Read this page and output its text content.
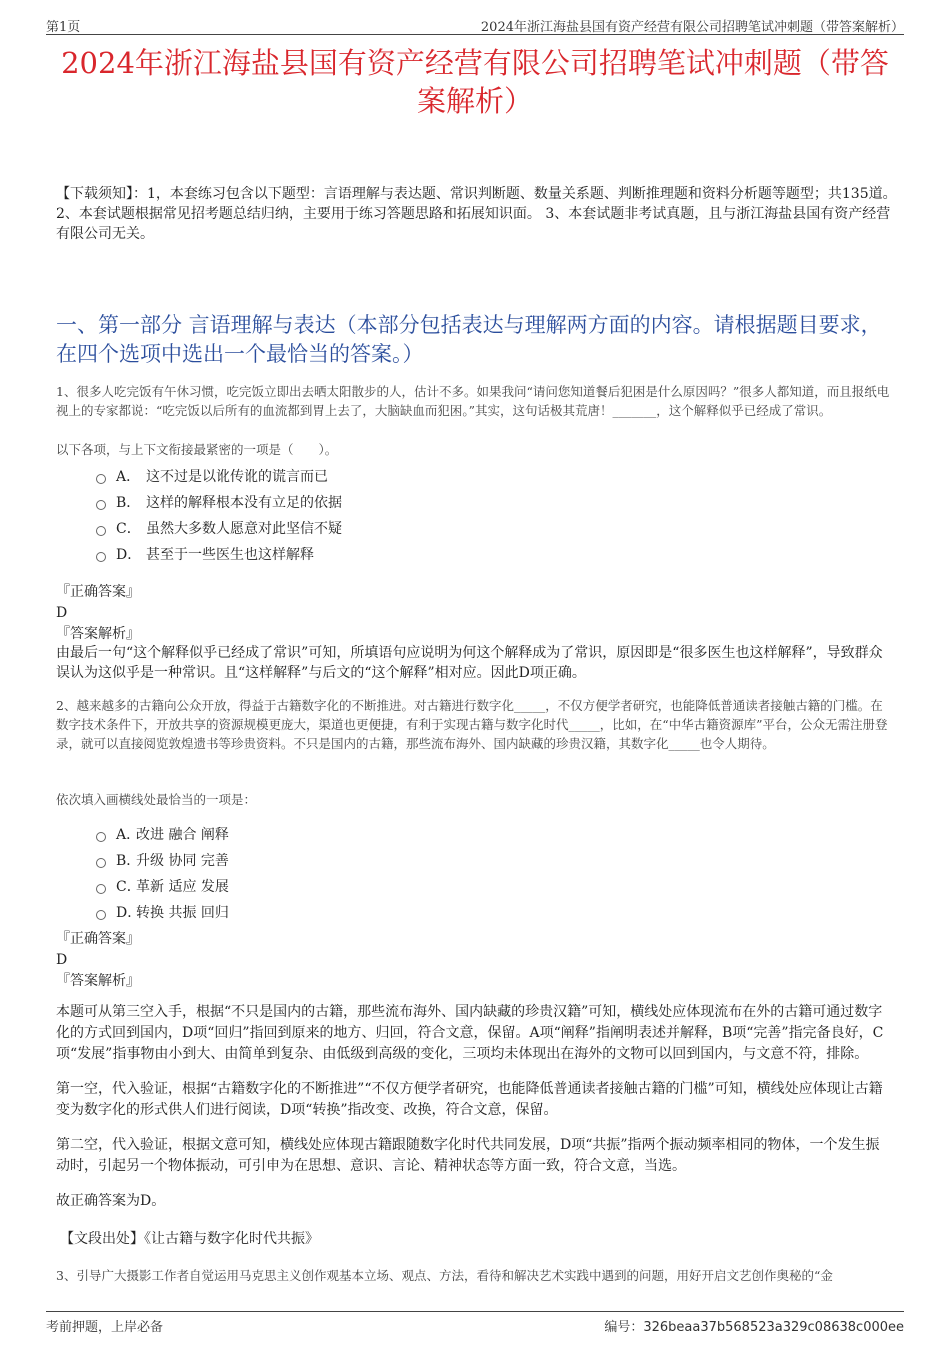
第1页	2024年浙江海盐县国有资产经营有限公司招聘笔试冲刺题（带答案解析）
2024年浙江海盐县国有资产经营有限公司招聘笔试冲刺题（带答案解析）
【下载须知】：1，本套练习包含以下题型：言语理解与表达题、常识判断题、数量关系题、判断推理题和资料分析题等题型；共135道。 2、本套试题根据常见招考题总结归纳，主要用于练习答题思路和拓展知识面。 3、本套试题非考试真题，且与浙江海盐县国有资产经营有限公司无关。
一、第一部分 言语理解与表达（本部分包括表达与理解两方面的内容。请根据题目要求，在四个选项中选出一个最恰当的答案。）
1、很多人吃完饭有午休习惯，吃完饭立即出去晒太阳散步的人，估计不多。如果我问“请问您知道餐后犯困是什么原因吗？”很多人都知道，而且报纸电视上的专家都说：“吃完饭以后所有的血流都到胃上去了，大脑缺血而犯困。”其实，这句话极其荒唐！_______，这个解释似乎已经成了常识。
以下各项，与上下文衔接最紧密的一项是（　　）。
A． 这不过是以讹传讹的谎言而已
B． 这样的解释根本没有立足的依据
C． 虽然大多数人愿意对此坚信不疑
D． 甚至于一些医生也这样解释
『正确答案』
D
『答案解析』
由最后一句“这个解释似乎已经成了常识”可知，所填语句应说明为何这个解释成为了常识，原因即是“很多医生也这样解释”，导致群众误认为这似乎是一种常识。且“这样解释”与后文的“这个解释”相对应。因此D项正确。
2、越来越多的古籍向公众开放，得益于古籍数字化的不断推进。对古籍进行数字化_____，不仅方便学者研究，也能降低普通读者接触古籍的门槛。在数字技术条件下，开放共享的资源规模更庞大，渠道也更便捷，有利于实现古籍与数字化时代_____，比如，在“中华古籍资源库”平台，公众无需注册登录，就可以直接阅览敦煌遗书等珍贵资料。不只是国内的古籍，那些流布海外、国内缺藏的珍贵汉籍，其数字化_____也令人期待。
依次填入画横线处最恰当的一项是：
A．
改进 融合 阐释
B．
升级 协同 完善
C．
革新 适应 发展
D．
转换 共振 回归
『正确答案』
D
『答案解析』

本题可从第三空入手，根据“不只是国内的古籍，那些流布海外、国内缺藏的珍贵汉籍”可知，横线处应体现流布在外的古籍可通过数字化的方式回到国内，D项“回归”指回到原来的地方、归回，符合文意，保留。A项“阐释”指阐明表述并解释，B项“完善”指完备良好，C项“发展”指事物由小到大、由简单到复杂、由低级到高级的变化，三项均未体现出在海外的文物可以回到国内，与文意不符，排除。

第一空，代入验证，根据“古籍数字化的不断推进”“不仅方便学者研究，也能降低普通读者接触古籍的门槛”可知，横线处应体现让古籍变为数字化的形式供人们进行阅读，D项“转换”指改变、改换，符合文意，保留。

第二空，代入验证，根据文意可知，横线处应体现古籍跟随数字化时代共同发展，D项“共振”指两个振动频率相同的物体，一个发生振动时，引起另一个物体振动，可引申为在思想、意识、言论、精神状态等方面一致，符合文意，当选。

故正确答案为D。

【文段出处】《让古籍与数字化时代共振》
3、引导广大摄影工作者自觉运用马克思主义创作观基本立场、观点、方法，看待和解决艺术实践中遇到的问题，用好开启文艺创作奥秘的“金
考前押题，上岸必备	编号：326beaa37b568523a329c08638c000ee
